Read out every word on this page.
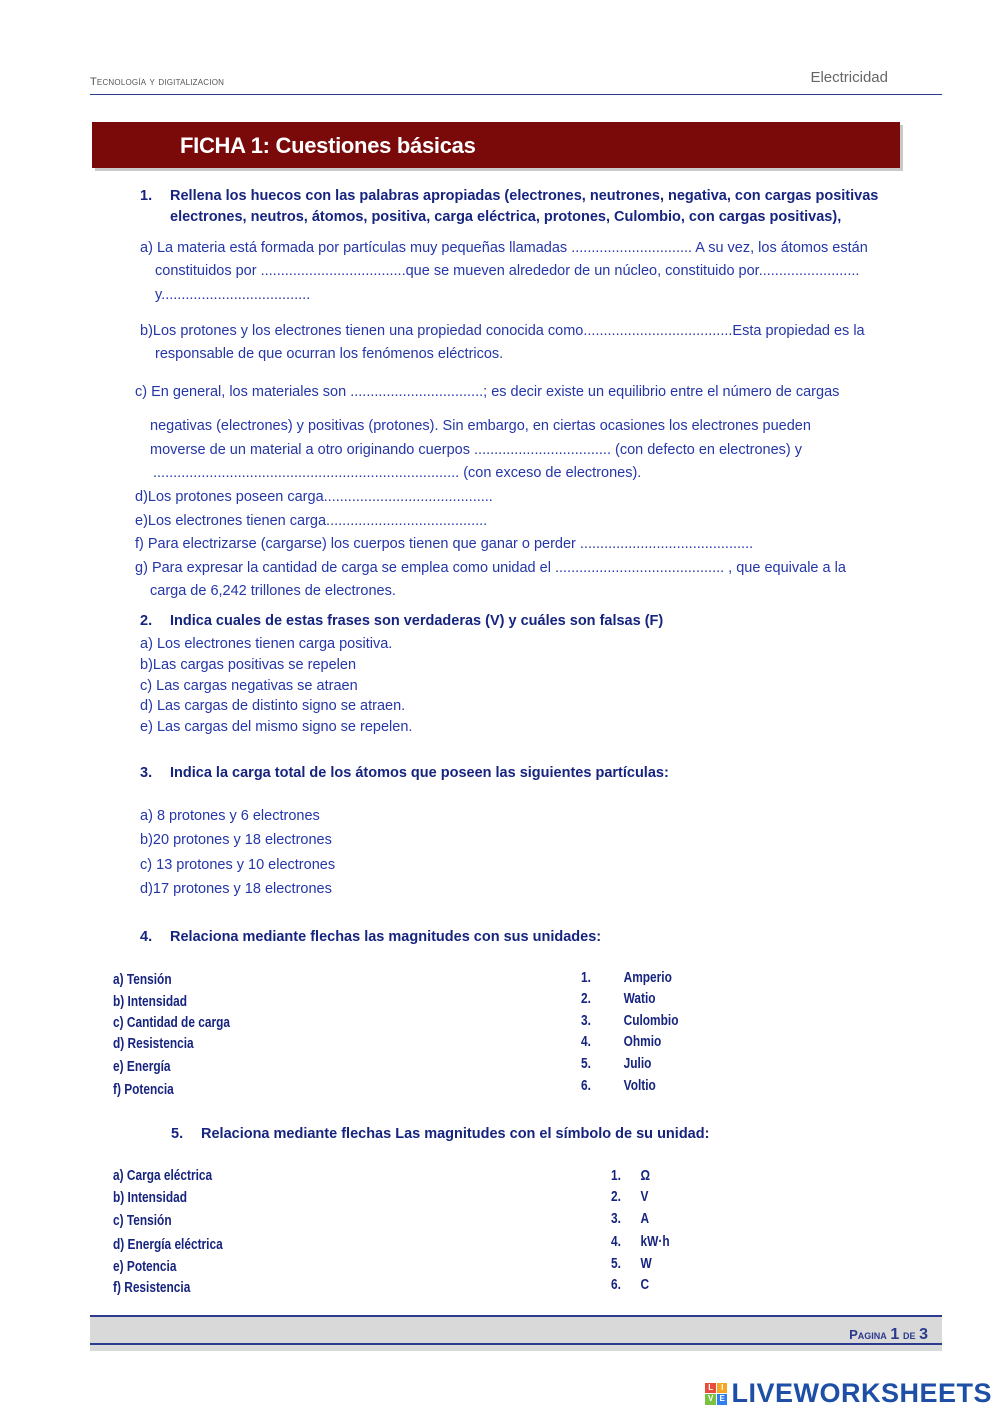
Tecnología y digitalizacion	Electricidad
FICHA 1: Cuestiones básicas
1. Rellena los huecos con las palabras apropiadas (electrones, neutrones, negativa, con cargas positivas
electrones, neutros, átomos, positiva, carga eléctrica, protones, Culombio, con cargas positivas),
a) La materia está formada por partículas muy pequeñas llamadas .............................. A su vez, los átomos están
constituidos por ....................................que se mueven alrededor de un núcleo, constituido por.........................
y.....................................
b)Los protones y los electrones tienen una propiedad conocida como.....................................Esta propiedad es la
responsable de que ocurran los fenómenos eléctricos.
c) En general, los materiales son .................................; es decir existe un equilibrio entre el número de cargas
negativas (electrones) y positivas (protones). Sin embargo, en ciertas ocasiones los electrones pueden
moverse de un material a otro originando cuerpos .................................. (con defecto en electrones) y
............................................................................ (con exceso de electrones).
d)Los protones poseen carga..........................................
e)Los electrones tienen carga........................................
f) Para electrizarse (cargarse) los cuerpos tienen que ganar o perder ...........................................
g) Para expresar la cantidad de carga se emplea como unidad el .......................................... , que equivale a la
carga de 6,242 trillones de electrones.
2. Indica cuales de estas frases son verdaderas (V) y cuáles son falsas (F)
a) Los electrones tienen carga positiva.
b)Las cargas positivas se repelen
c) Las cargas negativas se atraen
d) Las cargas de distinto signo se atraen.
e) Las cargas del mismo signo se repelen.
3. Indica la carga total de los átomos que poseen las siguientes partículas:
a) 8 protones y 6 electrones
b)20 protones y 18 electrones
c) 13 protones y 10 electrones
d)17 protones y 18 electrones
4. Relaciona mediante flechas las magnitudes con sus unidades:
a) Tensión
b) Intensidad
c) Cantidad de carga
d) Resistencia
e) Energía
f) Potencia
1. Amperio
2. Watio
3. Culombio
4. Ohmio
5. Julio
6. Voltio
5. Relaciona mediante flechas Las magnitudes con el símbolo de su unidad:
a) Carga eléctrica
b) Intensidad
c) Tensión
d) Energía eléctrica
e) Potencia
f) Resistencia
1. Ω
2. V
3. A
4. kW·h
5. W
6. C
Pagina 1 de 3
L I
V E LIVEWORKSHEETS
